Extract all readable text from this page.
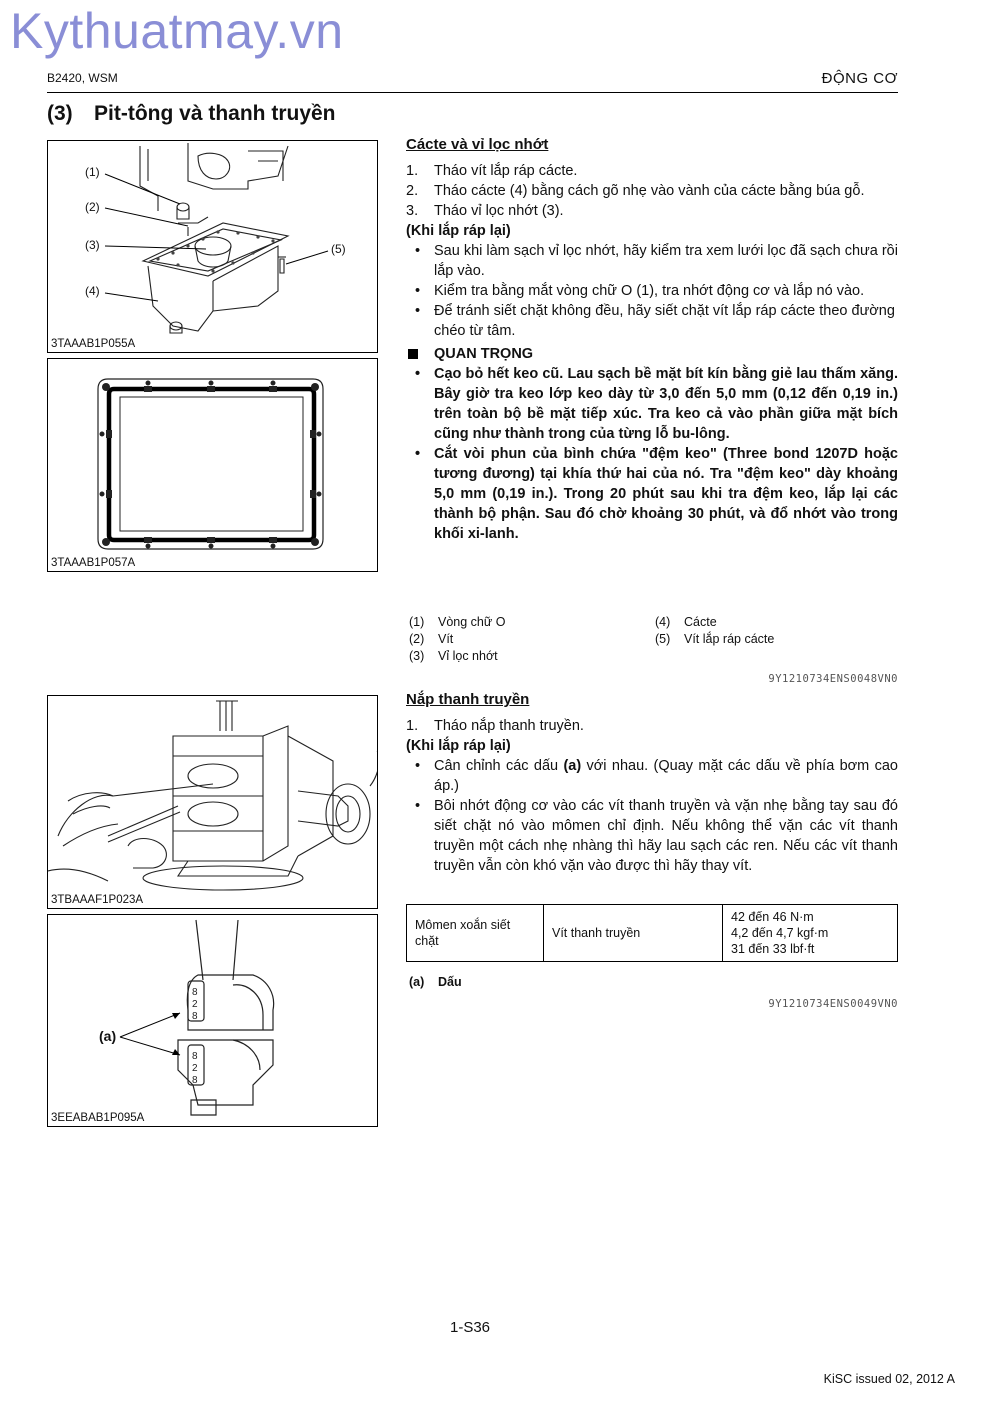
Kythuatmay.vn
B2420, WSM	ĐỘNG CƠ
(3) Pit-tông và thanh truyền
(1)
(2)
(3)
(4)
(5)
3TAAAB1P055A
3TAAAB1P057A
3TBAAAF1P023A
8
2
8
8
2
8
(a)
3EEABAB1P095A
Cácte và vỉ lọc nhớt
1. Tháo vít lắp ráp cácte.
2. Tháo cácte (4) bằng cách gõ nhẹ vào vành của cácte bằng búa gỗ.
3. Tháo vỉ lọc nhớt (3).
(Khi lắp ráp lại)
• Sau khi làm sạch vỉ lọc nhớt, hãy kiểm tra xem lưới lọc đã sạch chưa rồi lắp vào.
• Kiểm tra bằng mắt vòng chữ O (1), tra nhớt động cơ và lắp nó vào.
• Để tránh siết chặt không đều, hãy siết chặt vít lắp ráp cácte theo đường chéo từ tâm.
QUAN TRỌNG
• Cạo bỏ hết keo cũ. Lau sạch bề mặt bít kín bằng giẻ lau thấm xăng. Bây giờ tra keo lớp keo dày từ 3,0 đến 5,0 mm (0,12 đến 0,19 in.) trên toàn bộ bề mặt tiếp xúc. Tra keo cả vào phần giữa mặt bích cũng như thành trong của từng lỗ bu-lông.
• Cắt vòi phun của bình chứa "đệm keo" (Three bond 1207D hoặc tương đương) tại khía thứ hai của nó. Tra "đệm keo" dày khoảng 5,0 mm (0,19 in.). Trong 20 phút sau khi tra đệm keo, lắp lại các thành bộ phận. Sau đó chờ khoảng 30 phút, và đổ nhớt vào trong khối xi-lanh.
(1) Vòng chữ O
(2) Vít
(3) Vỉ lọc nhớt
(4) Cácte
(5) Vít lắp ráp cácte
9Y1210734ENS0048VN0
Nắp thanh truyền
1. Tháo nắp thanh truyền.
(Khi lắp ráp lại)
• Cân chỉnh các dấu (a) với nhau. (Quay mặt các dấu về phía bơm cao áp.)
• Bôi nhớt động cơ vào các vít thanh truyền và vặn nhẹ bằng tay sau đó siết chặt nó vào mômen chỉ định. Nếu không thể vặn các vít thanh truyền một cách nhẹ nhàng thì hãy lau sạch các ren. Nếu các vít thanh truyền vẫn còn khó vặn vào được thì hãy thay vít.
Mômen xoắn siết chặt	Vít thanh truyền	
42 đến 46 N·m
4,2 đến 4,7 kgf·m
31 đến 33 lbf·ft
(a) Dấu
9Y1210734ENS0049VN0
1-S36
KiSC issued 02, 2012 A
